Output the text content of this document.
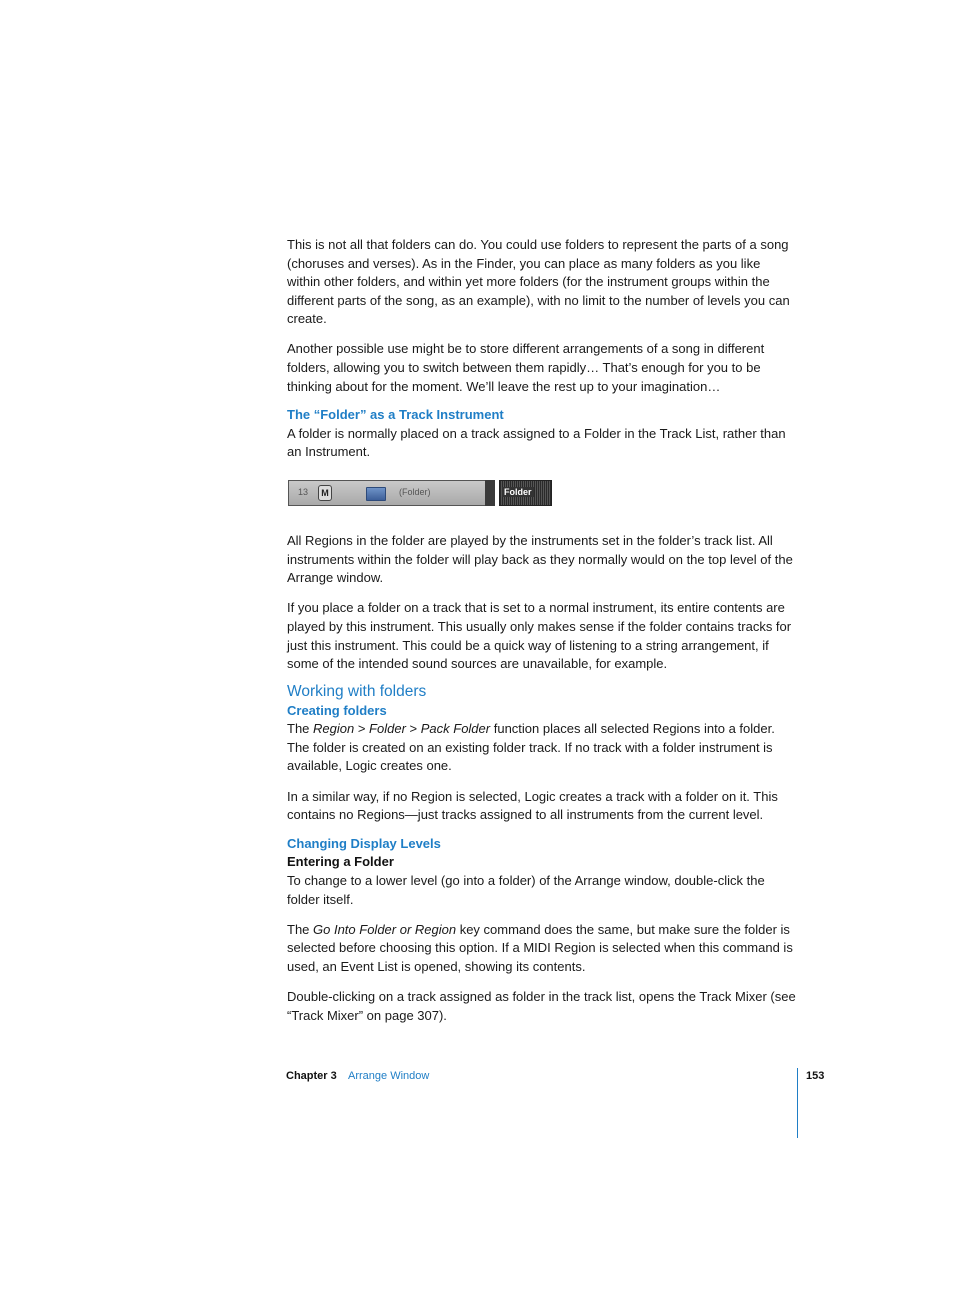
This is not all that folders can do. You could use folders to represent the parts of a song (choruses and verses). As in the Finder, you can place as many folders as you like within other folders, and within yet more folders (for the instrument groups within the different parts of the song, as an example), with no limit to the number of levels you can create.

Another possible use might be to store different arrangements of a song in different folders, allowing you to switch between them rapidly… That’s enough for you to be thinking about for the moment. We’ll leave the rest up to your imagination…

The “Folder” as a Track Instrument

A folder is normally placed on a track assigned to a Folder in the Track List, rather than an Instrument.

13	M	(Folder)	Folder

All Regions in the folder are played by the instruments set in the folder’s track list. All instruments within the folder will play back as they normally would on the top level of the Arrange window.

If you place a folder on a track that is set to a normal instrument, its entire contents are played by this instrument. This usually only makes sense if the folder contains tracks for just this instrument. This could be a quick way of listening to a string arrangement, if some of the intended sound sources are unavailable, for example.

Working with folders
Creating folders

The Region > Folder > Pack Folder function places all selected Regions into a folder. The folder is created on an existing folder track. If no track with a folder instrument is available, Logic creates one.

In a similar way, if no Region is selected, Logic creates a track with a folder on it. This contains no Regions—just tracks assigned to all instruments from the current level.

Changing Display Levels
Entering a Folder

To change to a lower level (go into a folder) of the Arrange window, double-click the folder itself.

The Go Into Folder or Region key command does the same, but make sure the folder is selected before choosing this option. If a MIDI Region is selected when this command is used, an Event List is opened, showing its contents.

Double-clicking on a track assigned as folder in the track list, opens the Track Mixer (see “Track Mixer” on page 307).

Chapter 3 Arrange Window	153
